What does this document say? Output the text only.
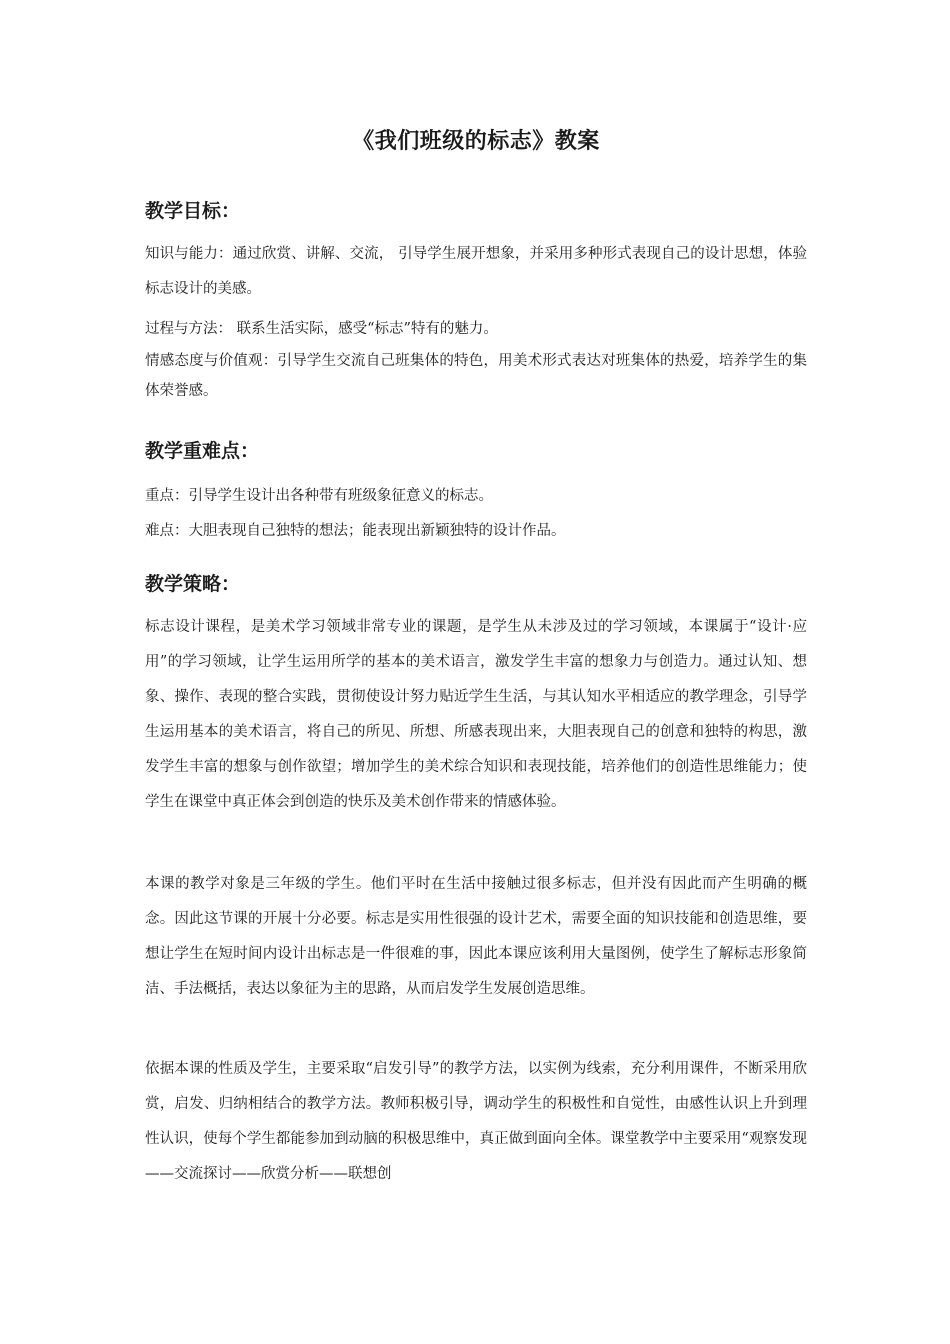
《我们班级的标志》教案
教学目标：
知识与能力：通过欣赏、讲解、交流， 引导学生展开想象，并采用多种形式表现自己的设计思想，体验标志设计的美感。
过程与方法： 联系生活实际，感受“标志”特有的魅力。
情感态度与价值观：引导学生交流自己班集体的特色，用美术形式表达对班集体的热爱，培养学生的集体荣誉感。
教学重难点：
重点：引导学生设计出各种带有班级象征意义的标志。
难点：大胆表现自己独特的想法；能表现出新颖独特的设计作品。
教学策略：
标志设计课程，是美术学习领域非常专业的课题，是学生从未涉及过的学习领域，本课属于“设计·应用”的学习领域，让学生运用所学的基本的美术语言，激发学生丰富的想象力与创造力。通过认知、想象、操作、表现的整合实践，贯彻使设计努力贴近学生生活，与其认知水平相适应的教学理念，引导学生运用基本的美术语言，将自己的所见、所想、所感表现出来，大胆表现自己的创意和独特的构思，激发学生丰富的想象与创作欲望；增加学生的美术综合知识和表现技能，培养他们的创造性思维能力；使学生在课堂中真正体会到创造的快乐及美术创作带来的情感体验。
本课的教学对象是三年级的学生。他们平时在生活中接触过很多标志，但并没有因此而产生明确的概念。因此这节课的开展十分必要。标志是实用性很强的设计艺术，需要全面的知识技能和创造思维，要想让学生在短时间内设计出标志是一件很难的事，因此本课应该利用大量图例，使学生了解标志形象简洁、手法概括，表达以象征为主的思路，从而启发学生发展创造思维。
依据本课的性质及学生，主要采取“启发引导”的教学方法，以实例为线索，充分利用课件，不断采用欣赏，启发、归纳相结合的教学方法。教师积极引导，调动学生的积极性和自觉性，由感性认识上升到理性认识，使每个学生都能参加到动脑的积极思维中，真正做到面向全体。课堂教学中主要采用“观察发现——交流探讨——欣赏分析——联想创
